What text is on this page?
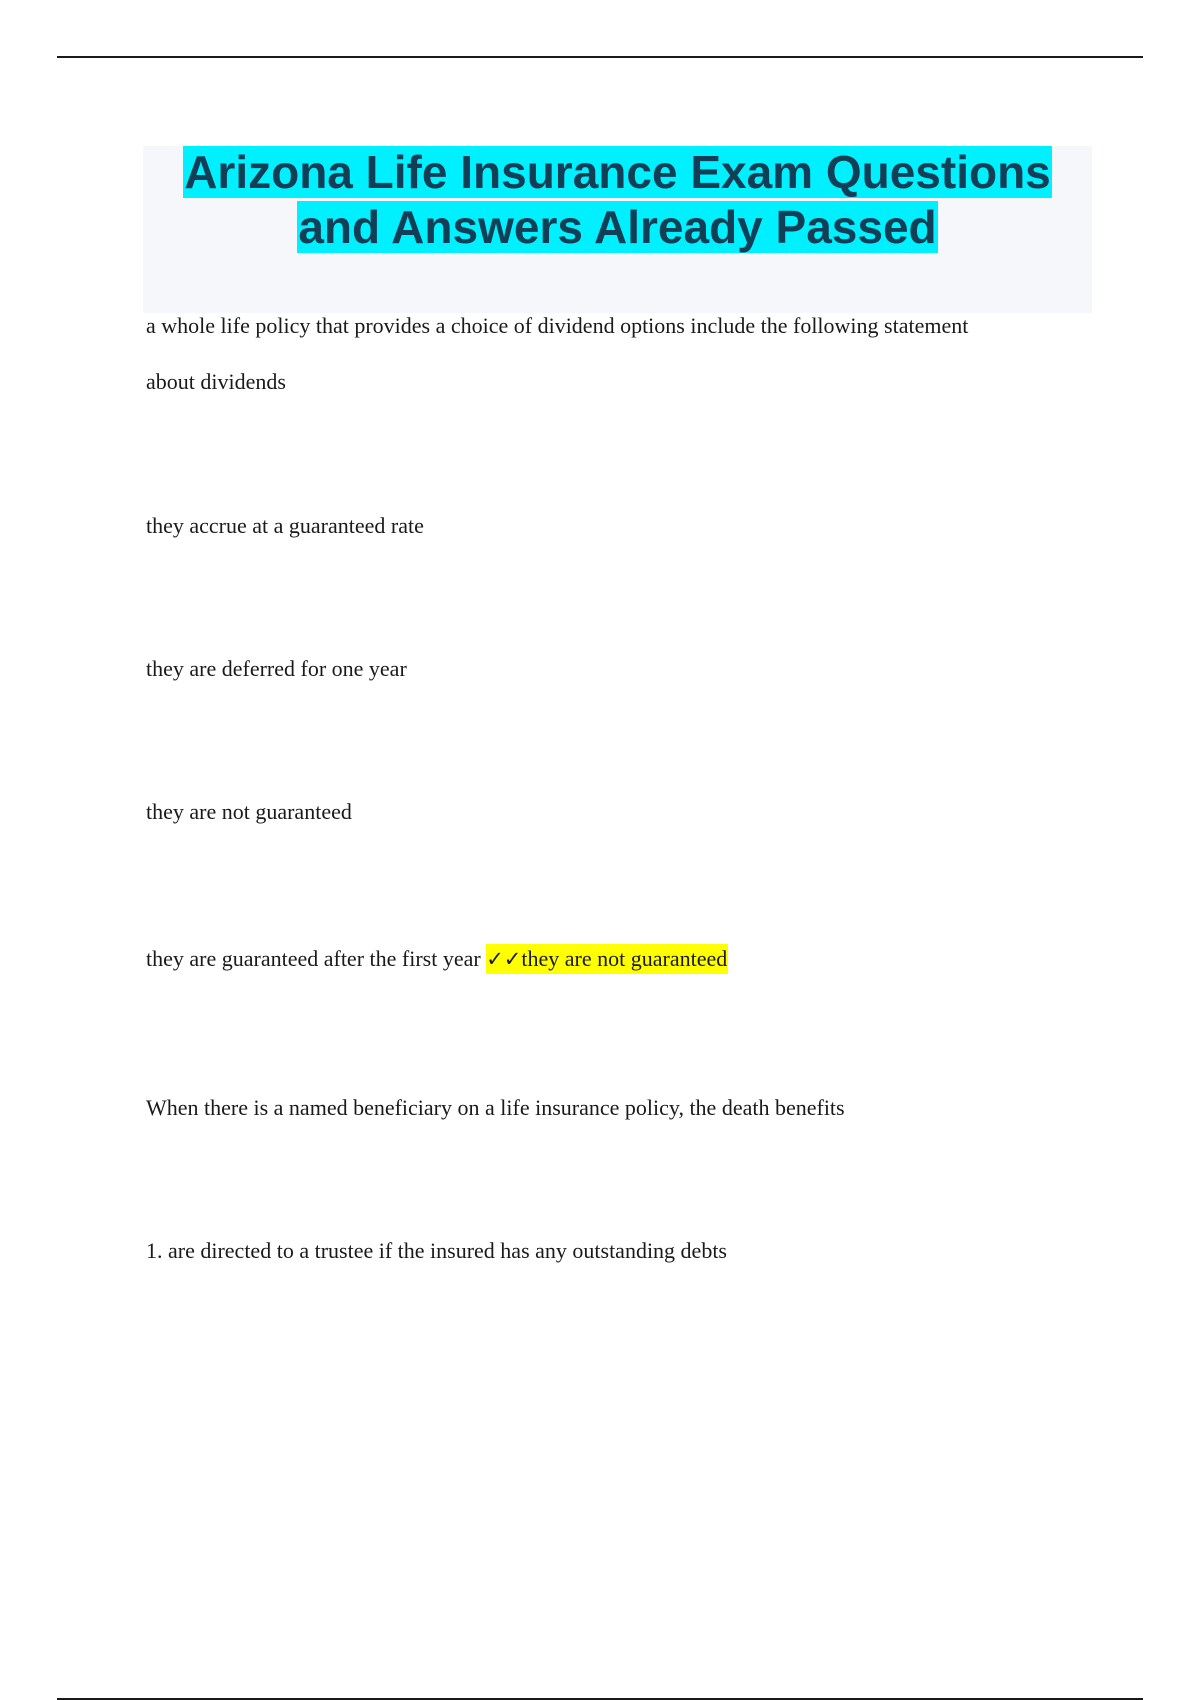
Arizona Life Insurance Exam Questions
and Answers Already Passed

a whole life policy that provides a choice of dividend options include the following statement

about dividends

they accrue at a guaranteed rate

they are deferred for one year

they are not guaranteed

they are guaranteed after the first year ✓✓they are not guaranteed

When there is a named beneficiary on a life insurance policy, the death benefits

1. are directed to a trustee if the insured has any outstanding debts
